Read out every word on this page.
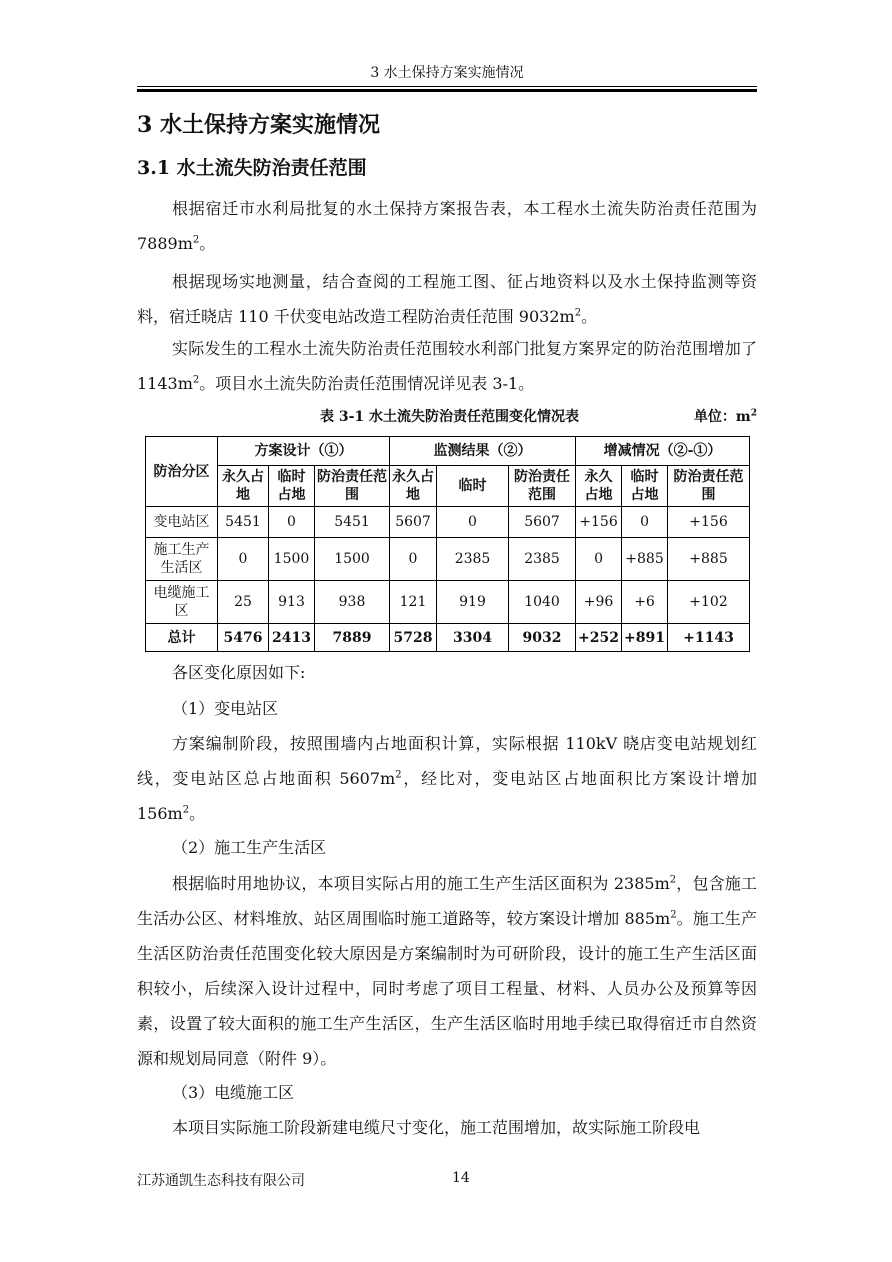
3 水土保持方案实施情况
3 水土保持方案实施情况
3.1 水土流失防治责任范围

根据宿迁市水利局批复的水土保持方案报告表，本工程水土流失防治责任范围为 $7889m^2$。

根据现场实地测量，结合查阅的工程施工图、征占地资料以及水土保持监测等资料，宿迁晓店 110 千伏变电站改造工程防治责任范围 $9032m^2$。

实际发生的工程水土流失防治责任范围较水利部门批复方案界定的防治范围增加了 $1143m^2$。项目水土流失防治责任范围情况详见表 3-1。

表 3-1 水土流失防治责任范围变化情况表	单位：$m^2$
防治分区	方案设计（①）			监测结果（②）			增减情况（②-①）		
	永久占地	临时占地	防治责任范围	永久占地	临时	防治责任范围	永久占地	临时占地	防治责任范围
变电站区	5451	0	5451	5607	0	5607	+156	0	+156
施工生产生活区	0	1500	1500	0	2385	2385	0	+885	+885
电缆施工区	25	913	938	121	919	1040	+96	+6	+102
总计	5476	2413	7889	5728	3304	9032	+252	+891	+1143
各区变化原因如下:
（1）变电站区

方案编制阶段，按照围墙内占地面积计算，实际根据 110kV 晓店变电站规划红线，变电站区总占地面积 $5607m^2$，经比对，变电站区占地面积比方案设计增加 $156m^2$。

（2）施工生产生活区

根据临时用地协议，本项目实际占用的施工生产生活区面积为 $2385m^2$，包含施工生活办公区、材料堆放、站区周围临时施工道路等，较方案设计增加 $885m^2$。施工生产生活区防治责任范围变化较大原因是方案编制时为可研阶段，设计的施工生产生活区面积较小，后续深入设计过程中，同时考虑了项目工程量、材料、人员办公及预算等因素，设置了较大面积的施工生产生活区，生产生活区临时用地手续已取得宿迁市自然资源和规划局同意（附件 9）。

（3）电缆施工区

本项目实际施工阶段新建电缆尺寸变化，施工范围增加，故实际施工阶段电

江苏通凯生态科技有限公司	14
